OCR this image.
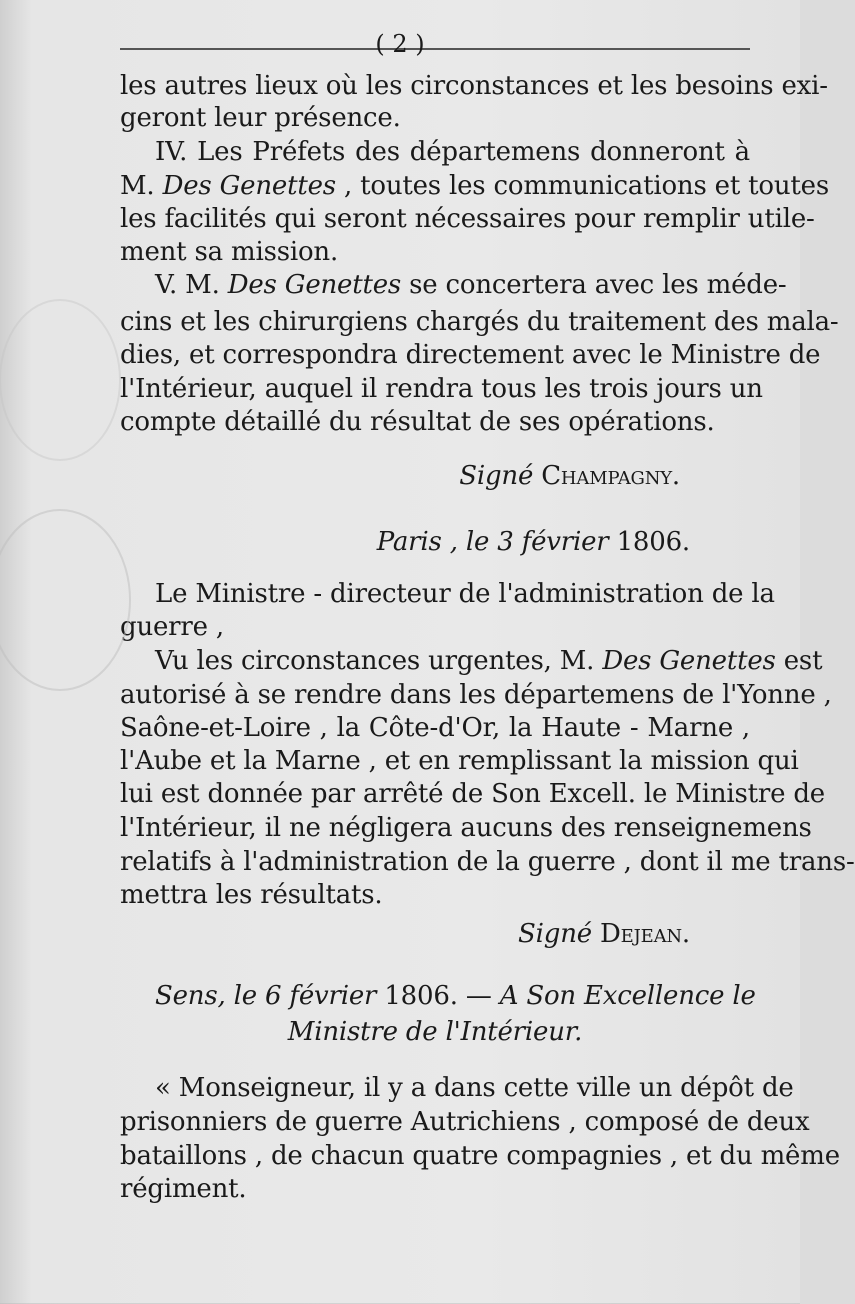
( 2 )
les autres lieux où les circonstances et les besoins exi-
geront leur présence.
IV. Les Préfets des départemens donneront à
M. Des Genettes , toutes les communications et toutes
les facilités qui seront nécessaires pour remplir utile-
ment sa mission.
V. M. Des Genettes se concertera avec les méde-
cins et les chirurgiens chargés du traitement des mala-
dies, et correspondra directement avec le Ministre de
l'Intérieur, auquel il rendra tous les trois jours un
compte détaillé du résultat de ses opérations.
Signé Champagny.
Paris , le 3 février 1806.
Le Ministre - directeur de l'administration de la
guerre ,
Vu les circonstances urgentes, M. Des Genettes est
autorisé à se rendre dans les départemens de l'Yonne ,
Saône-et-Loire , la Côte-d'Or, la Haute - Marne ,
l'Aube et la Marne , et en remplissant la mission qui
lui est donnée par arrêté de Son Excell. le Ministre de
l'Intérieur, il ne négligera aucuns des renseignemens
relatifs à l'administration de la guerre , dont il me trans-
mettra les résultats.
Signé Dejean.
Sens, le 6 février 1806. — A Son Excellence le
Ministre de l'Intérieur.
« Monseigneur, il y a dans cette ville un dépôt de
prisonniers de guerre Autrichiens , composé de deux
bataillons , de chacun quatre compagnies , et du même
régiment.
